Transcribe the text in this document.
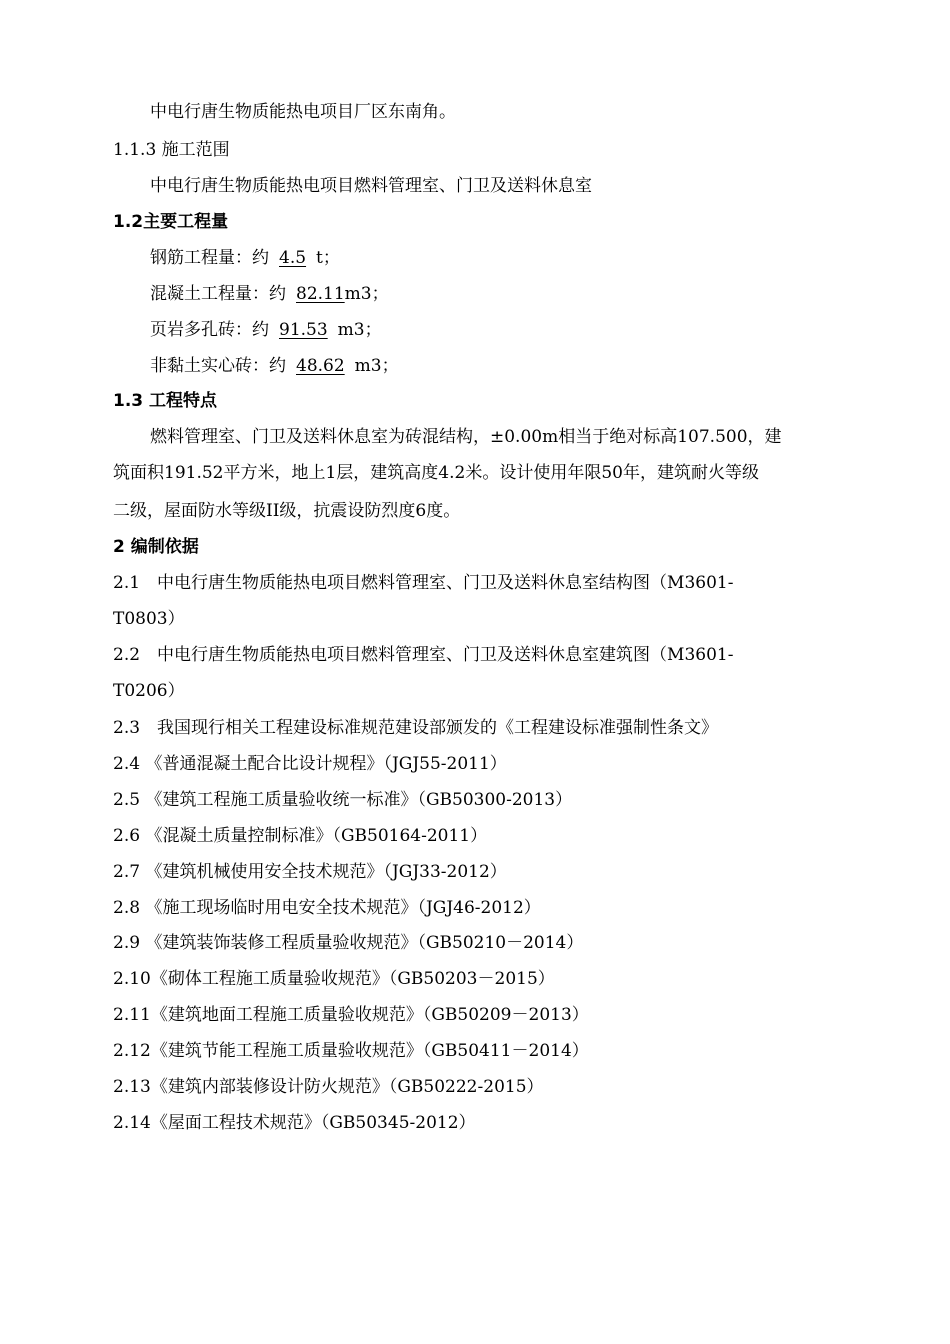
中电行唐生物质能热电项目厂区东南角。
1.1.3 施工范围
中电行唐生物质能热电项目燃料管理室、门卫及送料休息室
1.2主要工程量
钢筋工程量：约 4.5 t；
混凝土工程量：约 82.11m3；
页岩多孔砖：约 91.53 m3；
非黏土实心砖：约 48.62 m3；
1.3 工程特点
燃料管理室、门卫及送料休息室为砖混结构，±0.00m相当于绝对标高107.500，建
筑面积191.52平方米，地上1层，建筑高度4.2米。设计使用年限50年，建筑耐火等级
二级，屋面防水等级II级，抗震设防烈度6度。
2 编制依据
2.1　中电行唐生物质能热电项目燃料管理室、门卫及送料休息室结构图（M3601-
T0803）
2.2　中电行唐生物质能热电项目燃料管理室、门卫及送料休息室建筑图（M3601-
T0206）
2.3　我国现行相关工程建设标准规范建设部颁发的《工程建设标准强制性条文》
2.4 《普通混凝土配合比设计规程》（JGJ55-2011）
2.5 《建筑工程施工质量验收统一标准》（GB50300-2013）
2.6 《混凝土质量控制标准》（GB50164-2011）
2.7 《建筑机械使用安全技术规范》（JGJ33-2012）
2.8 《施工现场临时用电安全技术规范》（JGJ46-2012）
2.9 《建筑装饰装修工程质量验收规范》（GB50210－2014）
2.10《砌体工程施工质量验收规范》（GB50203－2015）
2.11《建筑地面工程施工质量验收规范》（GB50209－2013）
2.12《建筑节能工程施工质量验收规范》（GB50411－2014）
2.13《建筑内部装修设计防火规范》（GB50222-2015）
2.14《屋面工程技术规范》（GB50345-2012）
